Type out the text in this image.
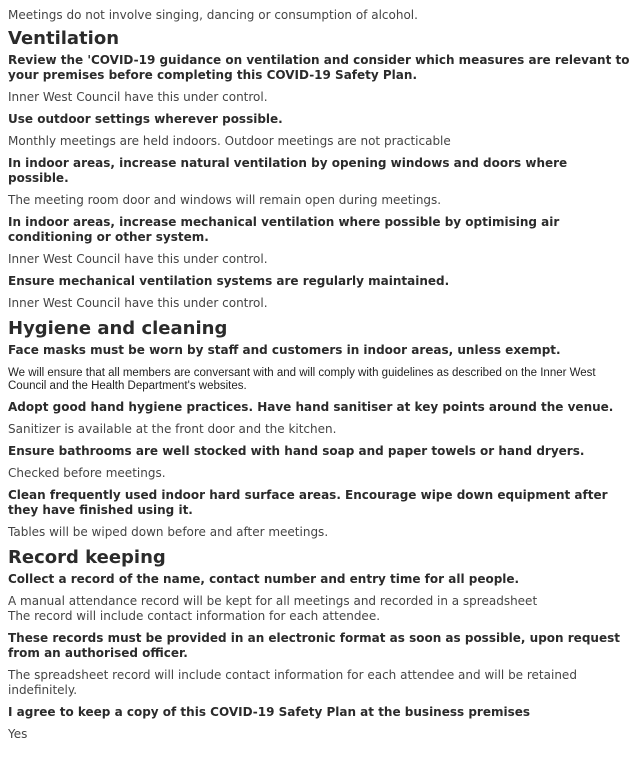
Meetings do not involve singing, dancing or consumption of alcohol.

Ventilation

Review the 'COVID-19 guidance on ventilation and consider which measures are relevant to your premises before completing this COVID-19 Safety Plan.

Inner West Council have this under control.

Use outdoor settings wherever possible.

Monthly meetings are held indoors. Outdoor meetings are not practicable

In indoor areas, increase natural ventilation by opening windows and doors where possible.

The meeting room door and windows will remain open during meetings.

In indoor areas, increase mechanical ventilation where possible by optimising air conditioning or other system.

Inner West Council have this under control.

Ensure mechanical ventilation systems are regularly maintained.

Inner West Council have this under control.

Hygiene and cleaning

Face masks must be worn by staff and customers in indoor areas, unless exempt.

We will ensure that all members are conversant with and will comply with guidelines as described on the Inner West Council and the Health Department's websites.

Adopt good hand hygiene practices. Have hand sanitiser at key points around the venue.

Sanitizer is available at the front door and the kitchen.

Ensure bathrooms are well stocked with hand soap and paper towels or hand dryers.

Checked before meetings.

Clean frequently used indoor hard surface areas. Encourage wipe down equipment after they have finished using it.

Tables will be wiped down before and after meetings.

Record keeping

Collect a record of the name, contact number and entry time for all people.

A manual attendance record will be kept for all meetings and recorded in a spreadsheet
The record will include contact information for each attendee.

These records must be provided in an electronic format as soon as possible, upon request from an authorised officer.

The spreadsheet record will include contact information for each attendee and will be retained indefinitely.

I agree to keep a copy of this COVID-19 Safety Plan at the business premises

Yes
